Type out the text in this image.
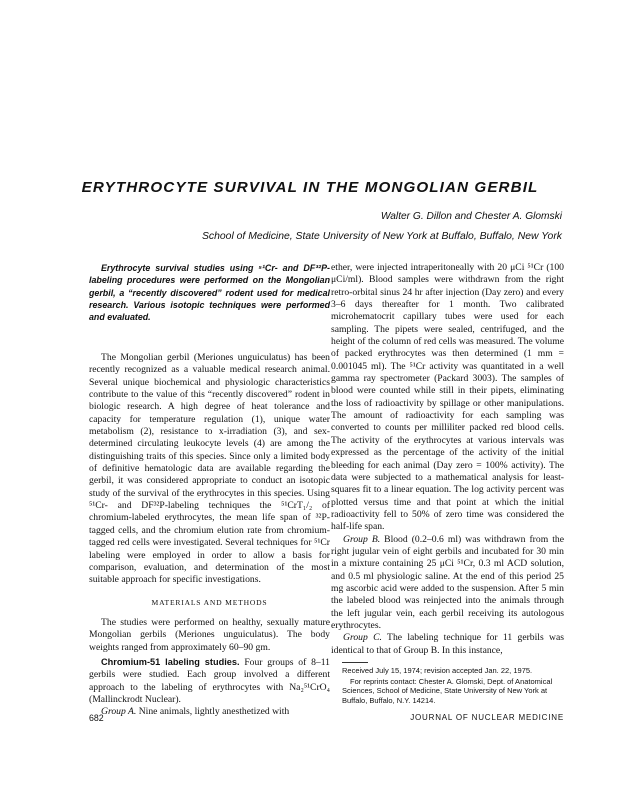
ERYTHROCYTE SURVIVAL IN THE MONGOLIAN GERBIL
Walter G. Dillon and Chester A. Glomski
School of Medicine, State University of New York at Buffalo, Buffalo, New York

Erythrocyte survival studies using ⁵¹Cr- and DF³²P-labeling procedures were performed on the Mongolian gerbil, a “recently discovered” rodent used for medical research. Various isotopic techniques were performed and evaluated.

The Mongolian gerbil (Meriones unguiculatus) has been recently recognized as a valuable medical research animal. Several unique biochemical and physiologic characteristics contribute to the value of this “recently discovered” rodent in biologic research. A high degree of heat tolerance and capacity for temperature regulation (1), unique water metabolism (2), resistance to x-irradiation (3), and sex-determined circulating leukocyte levels (4) are among the distinguishing traits of this species. Since only a limited body of definitive hematologic data are available regarding the gerbil, it was considered appropriate to conduct an isotopic study of the survival of the erythrocytes in this species. Using ⁵¹Cr- and DF³²P-labeling techniques the ⁵¹CrT₁/₂ of chromium-labeled erythrocytes, the mean life span of ³²P-tagged cells, and the chromium elution rate from chromium-tagged red cells were investigated. Several techniques for ⁵¹Cr labeling were employed in order to allow a basis for comparison, evaluation, and determination of the most suitable approach for specific investigations.

MATERIALS AND METHODS

The studies were performed on healthy, sexually mature Mongolian gerbils (Meriones unguiculatus). The body weights ranged from approximately 60–90 gm.

Chromium-51 labeling studies. Four groups of 8–11 gerbils were studied. Each group involved a different approach to the labeling of erythrocytes with Na₂⁵¹CrO₄ (Mallinckrodt Nuclear).

Group A. Nine animals, lightly anesthetized with

ether, were injected intraperitoneally with 20 μCi ⁵¹Cr (100 μCi/ml). Blood samples were withdrawn from the right retro-orbital sinus 24 hr after injection (Day zero) and every 3–6 days thereafter for 1 month. Two calibrated microhematocrit capillary tubes were used for each sampling. The pipets were sealed, centrifuged, and the height of the column of red cells was measured. The volume of packed erythrocytes was then determined (1 mm = 0.001045 ml). The ⁵¹Cr activity was quantitated in a well gamma ray spectrometer (Packard 3003). The samples of blood were counted while still in their pipets, eliminating the loss of radioactivity by spillage or other manipulations. The amount of radioactivity for each sampling was converted to counts per milliliter packed red blood cells. The activity of the erythrocytes at various intervals was expressed as the percentage of the activity of the initial bleeding for each animal (Day zero = 100% activity). The data were subjected to a mathematical analysis for least-squares fit to a linear equation. The log activity percent was plotted versus time and that point at which the initial radioactivity fell to 50% of zero time was considered the half-life span.

Group B. Blood (0.2–0.6 ml) was withdrawn from the right jugular vein of eight gerbils and incubated for 30 min in a mixture containing 25 μCi ⁵¹Cr, 0.3 ml ACD solution, and 0.5 ml physiologic saline. At the end of this period 25 mg ascorbic acid were added to the suspension. After 5 min the labeled blood was reinjected into the animals through the left jugular vein, each gerbil receiving its autologous erythrocytes.

Group C. The labeling technique for 11 gerbils was identical to that of Group B. In this instance,

Received July 15, 1974; revision accepted Jan. 22, 1975.

For reprints contact: Chester A. Glomski, Dept. of Anatomical Sciences, School of Medicine, State University of New York at Buffalo, Buffalo, N.Y. 14214.

682	JOURNAL OF NUCLEAR MEDICINE
